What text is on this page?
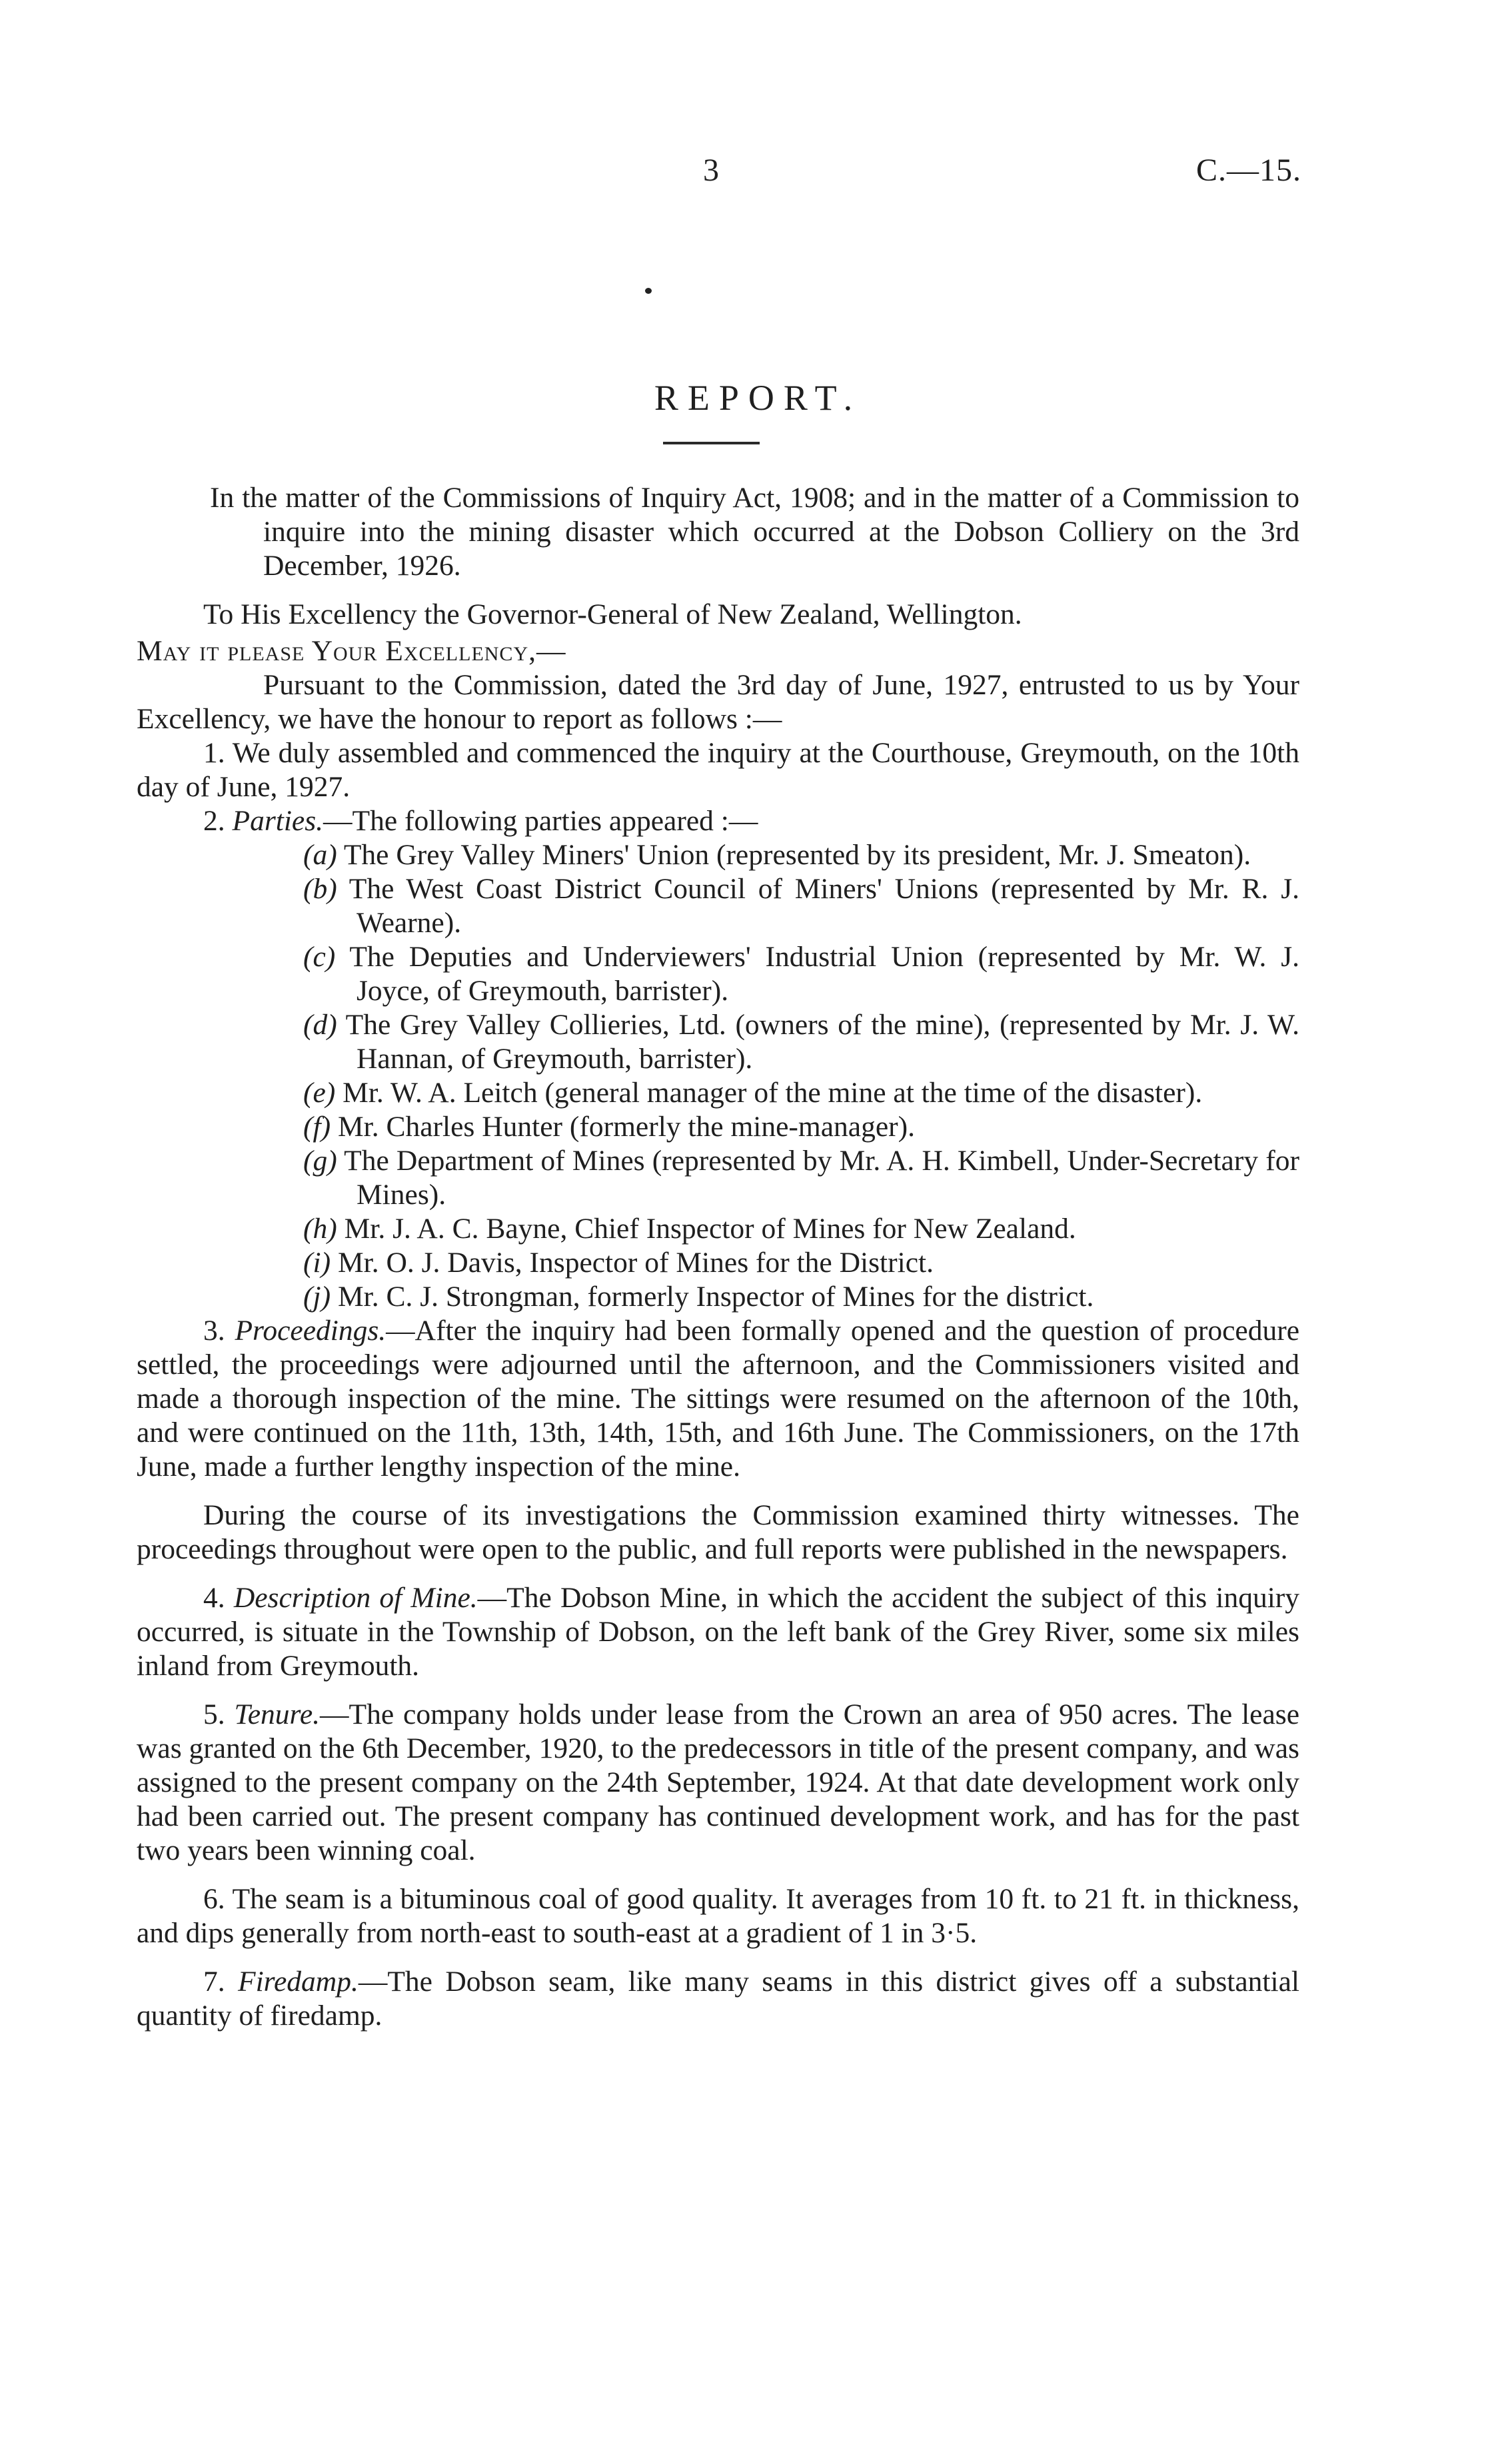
3	C.—15.
REPORT.

In the matter of the Commissions of Inquiry Act, 1908; and in the matter of a Commission to inquire into the mining disaster which occurred at the Dobson Colliery on the 3rd December, 1926.

To His Excellency the Governor-General of New Zealand, Wellington.

May it please Your Excellency,—

Pursuant to the Commission, dated the 3rd day of June, 1927, entrusted to us by Your Excellency, we have the honour to report as follows :—

1. We duly assembled and commenced the inquiry at the Courthouse, Greymouth, on the 10th day of June, 1927.

2. Parties.—The following parties appeared :—

(a) The Grey Valley Miners' Union (represented by its president, Mr. J. Smeaton).

(b) The West Coast District Council of Miners' Unions (represented by Mr. R. J. Wearne).

(c) The Deputies and Underviewers' Industrial Union (represented by Mr. W. J. Joyce, of Greymouth, barrister).

(d) The Grey Valley Collieries, Ltd. (owners of the mine), (represented by Mr. J. W. Hannan, of Greymouth, barrister).

(e) Mr. W. A. Leitch (general manager of the mine at the time of the disaster).

(f) Mr. Charles Hunter (formerly the mine-manager).

(g) The Department of Mines (represented by Mr. A. H. Kimbell, Under-Secretary for Mines).

(h) Mr. J. A. C. Bayne, Chief Inspector of Mines for New Zealand.

(i) Mr. O. J. Davis, Inspector of Mines for the District.

(j) Mr. C. J. Strongman, formerly Inspector of Mines for the district.

3. Proceedings.—After the inquiry had been formally opened and the question of procedure settled, the proceedings were adjourned until the afternoon, and the Commissioners visited and made a thorough inspection of the mine. The sittings were resumed on the afternoon of the 10th, and were continued on the 11th, 13th, 14th, 15th, and 16th June. The Commissioners, on the 17th June, made a further lengthy inspection of the mine.

During the course of its investigations the Commission examined thirty witnesses. The proceedings throughout were open to the public, and full reports were published in the newspapers.

4. Description of Mine.—The Dobson Mine, in which the accident the subject of this inquiry occurred, is situate in the Township of Dobson, on the left bank of the Grey River, some six miles inland from Greymouth.

5. Tenure.—The company holds under lease from the Crown an area of 950 acres. The lease was granted on the 6th December, 1920, to the predecessors in title of the present company, and was assigned to the present company on the 24th September, 1924. At that date development work only had been carried out. The present company has continued development work, and has for the past two years been winning coal.

6. The seam is a bituminous coal of good quality. It averages from 10 ft. to 21 ft. in thickness, and dips generally from north-east to south-east at a gradient of 1 in 3·5.

7. Firedamp.—The Dobson seam, like many seams in this district gives off a substantial quantity of firedamp.
